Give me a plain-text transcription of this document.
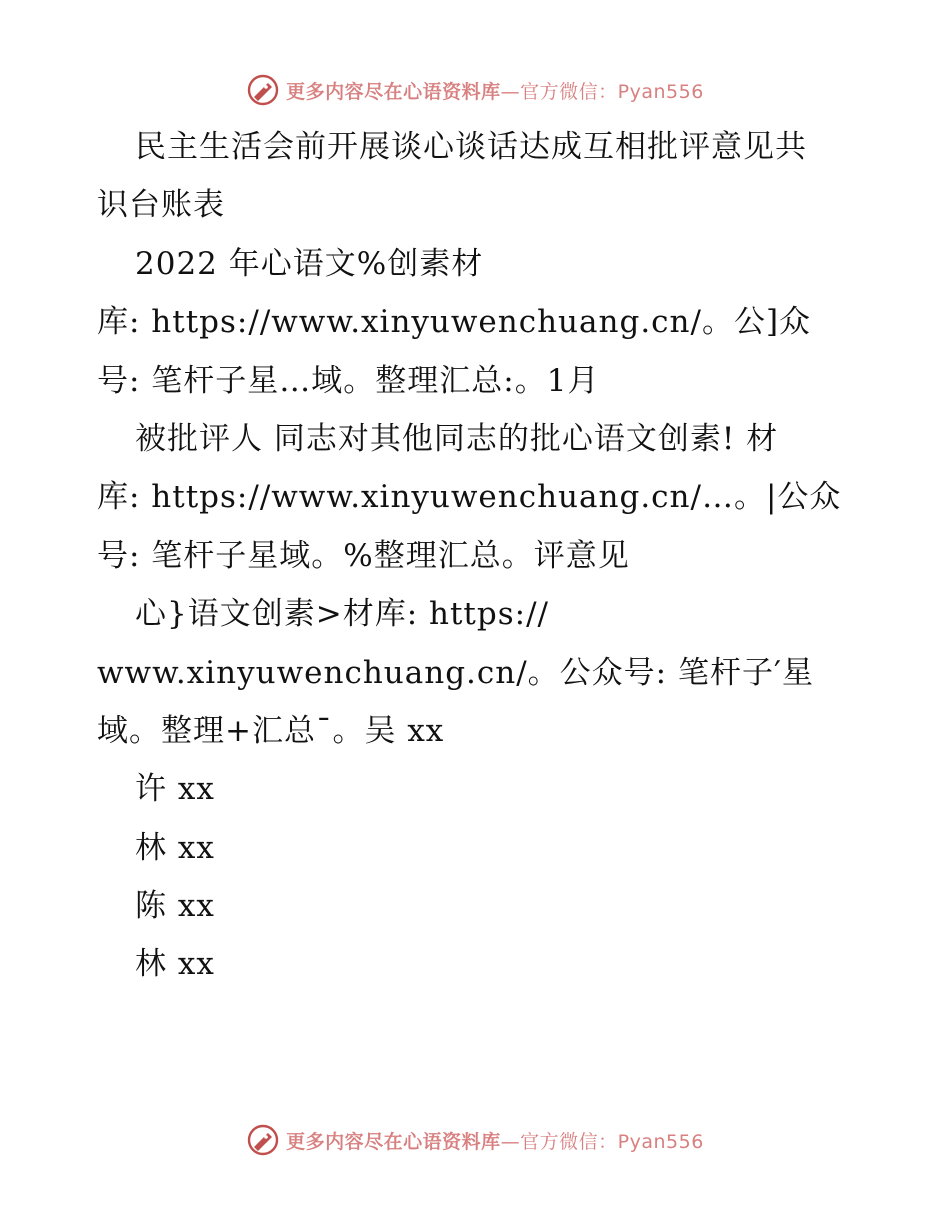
更多内容尽在心语资料库—官方微信：Pyan556
民主生活会前开展谈心谈话达成互相批评意见共
识台账表
2022 年心语文%创素材
库: https://www.xinyuwenchuang.cn/。公]众
号: 笔杆子星…域。整理汇总:。1月
被批评人 同志对其他同志的批心语文创素! 材
库: https://www.xinyuwenchuang.cn/…。|公众
号: 笔杆子星域。%整理汇总。评意见
心}语文创素>材库: https://
www.xinyuwenchuang.cn/。公众号: 笔杆子′星
域。整理+汇总¯。吴 xx
许 xx
林 xx
陈 xx
林 xx
更多内容尽在心语资料库—官方微信：Pyan556
